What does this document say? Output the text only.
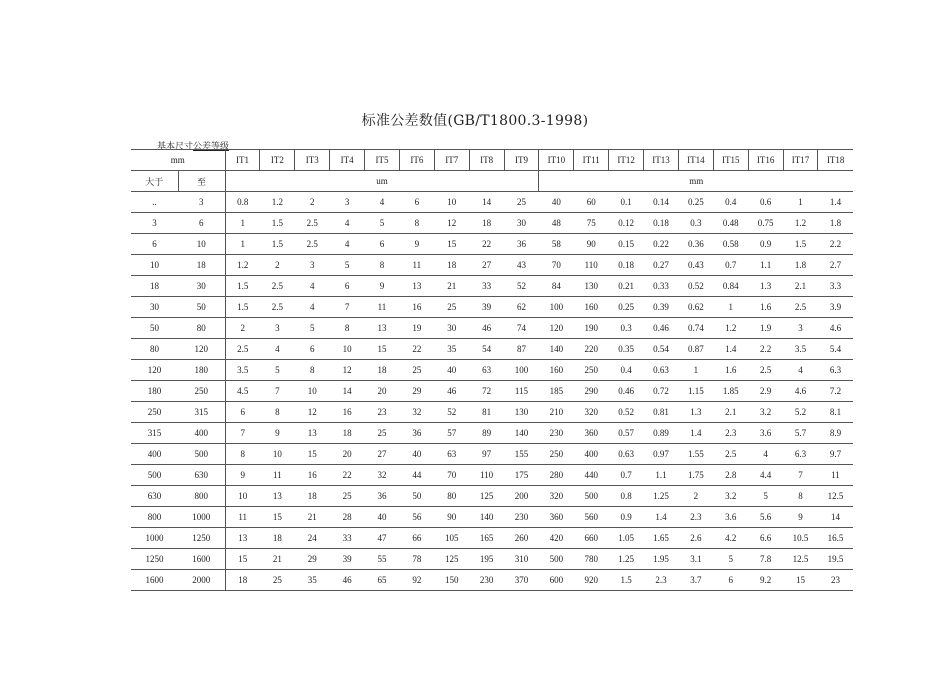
标准公差数值(GB/T1800.3-1998)
基本尺寸公差等级
mm		IT1	IT2	IT3	IT4	IT5	IT6	IT7	IT8	IT9	IT10	IT11	IT12	IT13	IT14	IT15	IT16	IT17	IT18
大于	至	um									mm								
..	3	0.8	1.2	2	3	4	6	10	14	25	40	60	0.1	0.14	0.25	0.4	0.6	1	1.4
3	6	1	1.5	2.5	4	5	8	12	18	30	48	75	0.12	0.18	0.3	0.48	0.75	1.2	1.8
6	10	1	1.5	2.5	4	6	9	15	22	36	58	90	0.15	0.22	0.36	0.58	0.9	1.5	2.2
10	18	1.2	2	3	5	8	11	18	27	43	70	110	0.18	0.27	0.43	0.7	1.1	1.8	2.7
18	30	1.5	2.5	4	6	9	13	21	33	52	84	130	0.21	0.33	0.52	0.84	1.3	2.1	3.3
30	50	1.5	2.5	4	7	11	16	25	39	62	100	160	0.25	0.39	0.62	1	1.6	2.5	3.9
50	80	2	3	5	8	13	19	30	46	74	120	190	0.3	0.46	0.74	1.2	1.9	3	4.6
80	120	2.5	4	6	10	15	22	35	54	87	140	220	0.35	0.54	0.87	1.4	2.2	3.5	5.4
120	180	3.5	5	8	12	18	25	40	63	100	160	250	0.4	0.63	1	1.6	2.5	4	6.3
180	250	4.5	7	10	14	20	29	46	72	115	185	290	0.46	0.72	1.15	1.85	2.9	4.6	7.2
250	315	6	8	12	16	23	32	52	81	130	210	320	0.52	0.81	1.3	2.1	3.2	5.2	8.1
315	400	7	9	13	18	25	36	57	89	140	230	360	0.57	0.89	1.4	2.3	3.6	5.7	8.9
400	500	8	10	15	20	27	40	63	97	155	250	400	0.63	0.97	1.55	2.5	4	6.3	9.7
500	630	9	11	16	22	32	44	70	110	175	280	440	0.7	1.1	1.75	2.8	4.4	7	11
630	800	10	13	18	25	36	50	80	125	200	320	500	0.8	1.25	2	3.2	5	8	12.5
800	1000	11	15	21	28	40	56	90	140	230	360	560	0.9	1.4	2.3	3.6	5.6	9	14
1000	1250	13	18	24	33	47	66	105	165	260	420	660	1.05	1.65	2.6	4.2	6.6	10.5	16.5
1250	1600	15	21	29	39	55	78	125	195	310	500	780	1.25	1.95	3.1	5	7.8	12.5	19.5
1600	2000	18	25	35	46	65	92	150	230	370	600	920	1.5	2.3	3.7	6	9.2	15	23
